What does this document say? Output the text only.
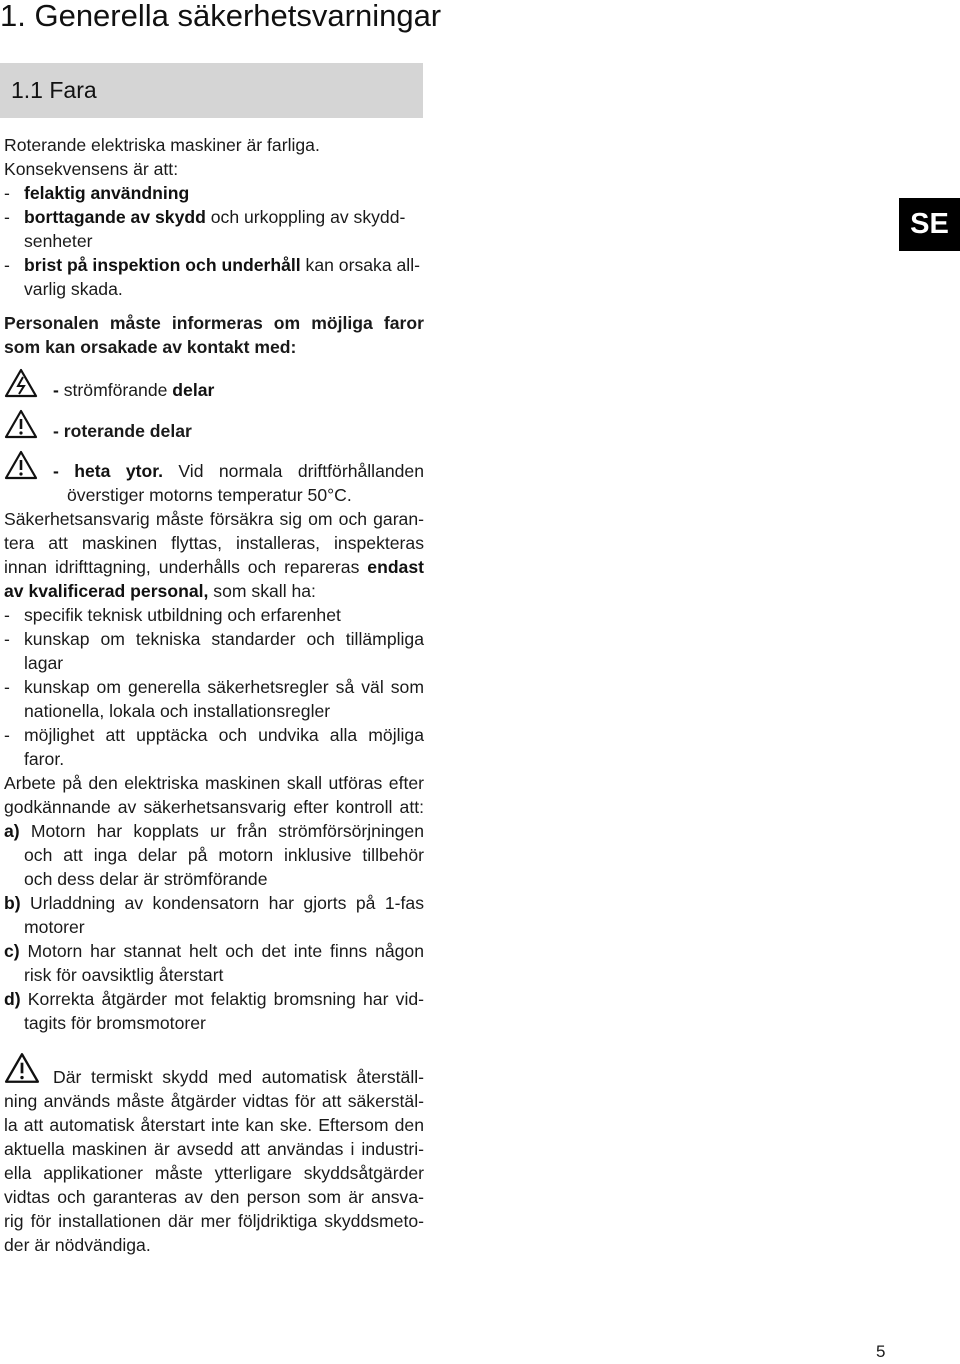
1. Generella säkerhetsvarningar
1.1 Fara
SE
Roterande elektriska maskiner är farliga.
Konsekvensens är att:
- felaktig användning
- borttagande av skydd och urkoppling av skydd-
senheter
- brist på inspektion och underhåll kan orsaka all-
varlig skada.
Personalen måste informeras om möjliga faror
som kan orsakade av kontakt med:
- strömförande delar
- roterande delar
- heta ytor. Vid normala driftförhållanden
överstiger motorns temperatur 50°C.
Säkerhetsansvarig måste försäkra sig om och garan-
tera att maskinen flyttas, installeras, inspekteras
innan idrifttagning, underhålls och repareras endast
av kvalificerad personal, som skall ha:
- specifik teknisk utbildning och erfarenhet
- kunskap om tekniska standarder och tillämpliga
lagar
- kunskap om generella säkerhetsregler så väl som
nationella, lokala och installationsregler
- möjlighet att upptäcka och undvika alla möjliga
faror.
Arbete på den elektriska maskinen skall utföras efter
godkännande av säkerhetsansvarig efter kontroll att:
a) Motorn har kopplats ur från strömförsörjningen
och att inga delar på motorn inklusive tillbehör
och dess delar är strömförande
b) Urladdning av kondensatorn har gjorts på 1-fas
motorer
c) Motorn har stannat helt och det inte finns någon
risk för oavsiktlig återstart
d) Korrekta åtgärder mot felaktig bromsning har vid-
tagits för bromsmotorer
Där termiskt skydd med automatisk återställ-
ning används måste åtgärder vidtas för att säkerstäl-
la att automatisk återstart inte kan ske. Eftersom den
aktuella maskinen är avsedd att användas i industri-
ella applikationer måste ytterligare skyddsåtgärder
vidtas och garanteras av den person som är ansva-
rig för installationen där mer följdriktiga skyddsmeto-
der är nödvändiga.
5
